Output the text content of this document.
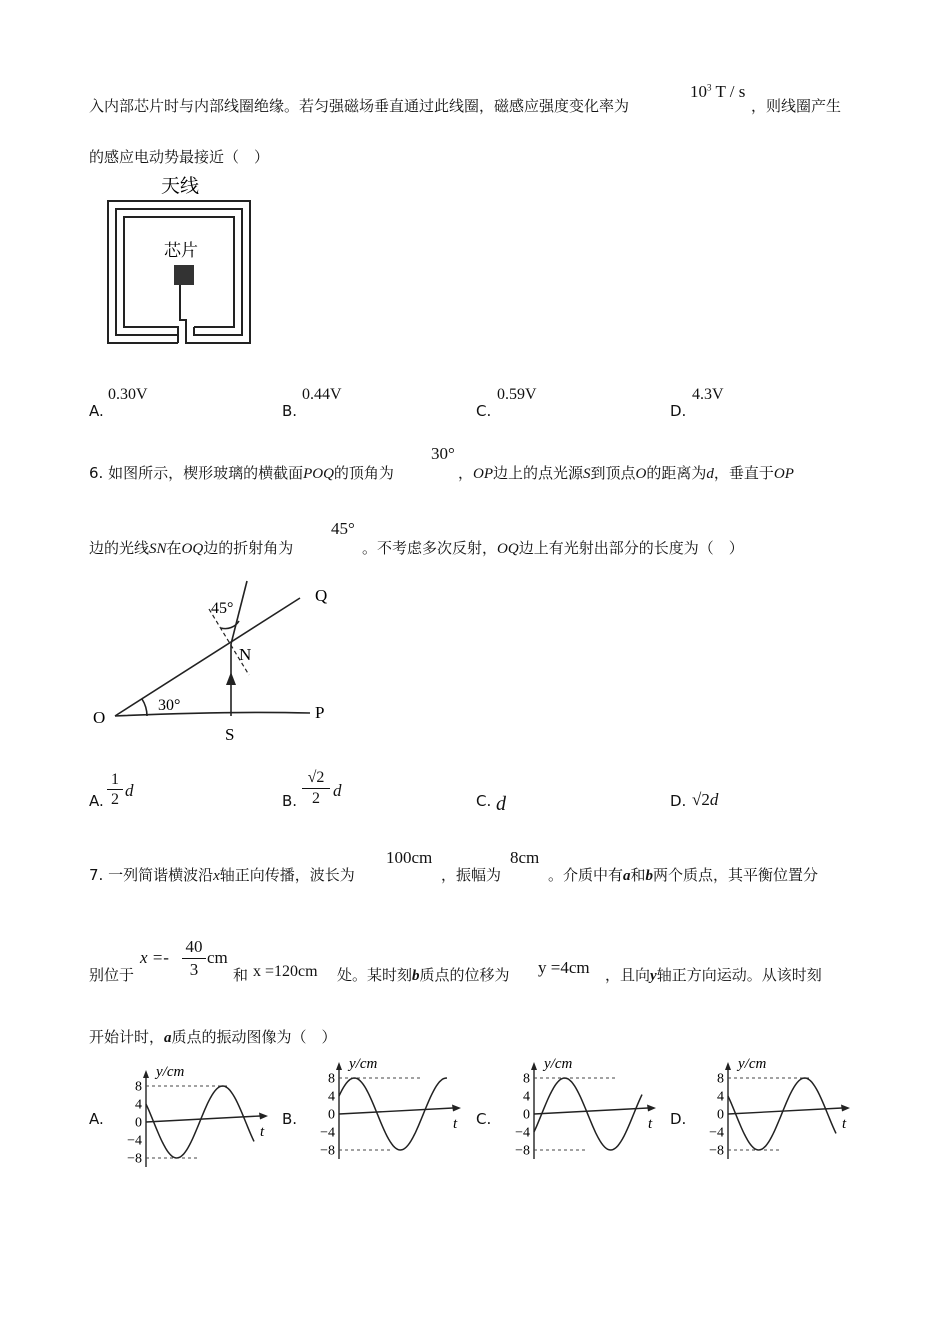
入内部芯片时与内部线圈绝缘。若匀强磁场垂直通过此线圈，磁感应强度变化率为
$10^3$ T / s
，则线圈产生
的感应电动势最接近（　）
天线
芯片
A.
0.30V
B.
0.44V
C.
0.59V
D.
4.3V
6. 如图所示，楔形玻璃的横截面POQ的顶角为
30°
，OP边上的点光源S到顶点O的距离为d，垂直于OP
边的光线SN在OQ边的折射角为
45°
。不考虑多次反射，OQ边上有光射出部分的长度为（　）
Q
P
O
S
N
45°
30°
A.
1
2 d
B.
√2
2 d
C. d	D. √2d
7. 一列简谐横波沿x轴正向传播，波长为
100cm
，振幅为
8cm
。介质中有a和b两个质点，其平衡位置分
别位于
x =-
40
3
cm
和 x =120cm 处。某时刻b质点的位移为 y =4cm ，且向y轴正方向运动。从该时刻
开始计时，a质点的振动图像为（　）
A.	B.	C.	D.
y/cm
t
8
4
0
−4
−8
y/cm
t
8
4
0
−4
−8
y/cm
t
8
4
0
−4
−8
y/cm
t
8
4
0
−4
−8
